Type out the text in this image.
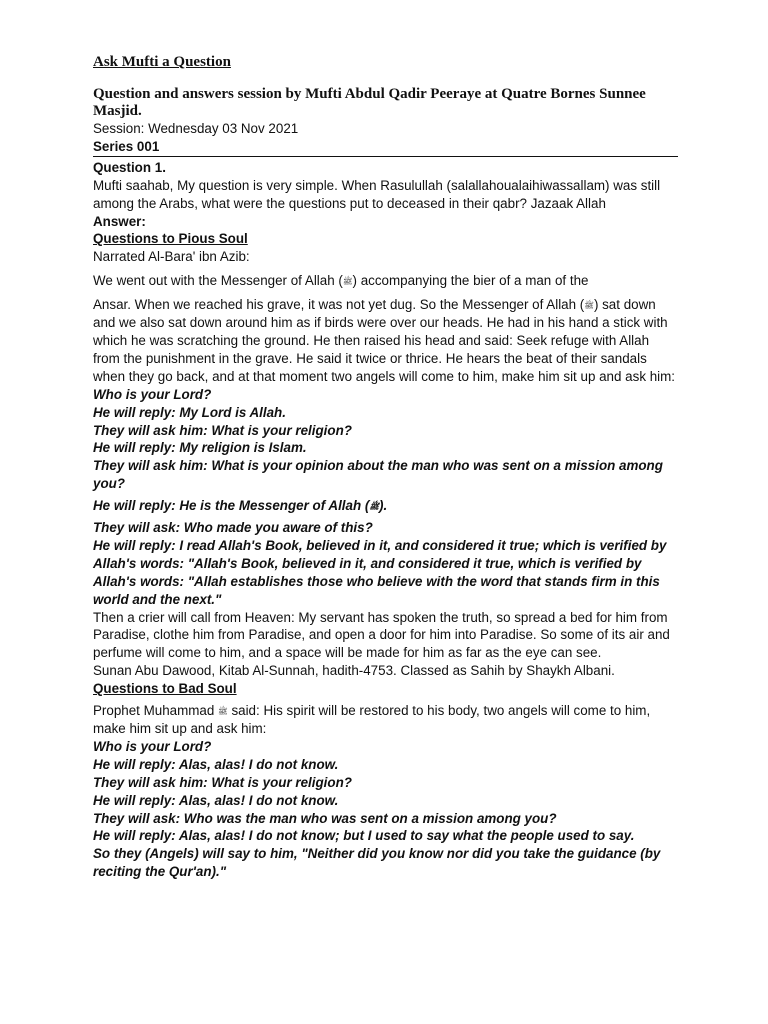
Ask Mufti a Question
Question and answers session by Mufti Abdul Qadir Peeraye at Quatre Bornes Sunnee Masjid.
Session: Wednesday 03 Nov 2021
Series 001
Question 1.
Mufti saahab, My question is very simple. When Rasulullah (salallahoualaihiwassallam) was still among the Arabs, what were the questions put to deceased in their qabr? Jazaak Allah
Answer:
Questions to Pious Soul
Narrated Al-Bara' ibn Azib:
We went out with the Messenger of Allah (ﷺ) accompanying the bier of a man of the
Ansar. When we reached his grave, it was not yet dug. So the Messenger of Allah (ﷺ) sat down and we also sat down around him as if birds were over our heads. He had in his hand a stick with which he was scratching the ground. He then raised his head and said: Seek refuge with Allah from the punishment in the grave. He said it twice or thrice. He hears the beat of their sandals when they go back, and at that moment two angels will come to him, make him sit up and ask him:
Who is your Lord?
He will reply: My Lord is Allah.
They will ask him: What is your religion?
He will reply: My religion is Islam.
They will ask him: What is your opinion about the man who was sent on a mission among you?
He will reply: He is the Messenger of Allah (ﷺ).
They will ask: Who made you aware of this?
He will reply: I read Allah's Book, believed in it, and considered it true; which is verified by Allah's words: "Allah's Book, believed in it, and considered it true, which is verified by Allah's words: "Allah establishes those who believe with the word that stands firm in this world and the next."
Then a crier will call from Heaven: My servant has spoken the truth, so spread a bed for him from Paradise, clothe him from Paradise, and open a door for him into Paradise. So some of its air and perfume will come to him, and a space will be made for him as far as the eye can see.
Sunan Abu Dawood, Kitab Al-Sunnah, hadith-4753. Classed as Sahih by Shaykh Albani.
Questions to Bad Soul
Prophet Muhammad ﷺ said: His spirit will be restored to his body, two angels will come to him, make him sit up and ask him:
Who is your Lord?
He will reply: Alas, alas! I do not know.
They will ask him: What is your religion?
He will reply: Alas, alas! I do not know.
They will ask: Who was the man who was sent on a mission among you?
He will reply: Alas, alas! I do not know; but I used to say what the people used to say.
So they (Angels) will say to him, "Neither did you know nor did you take the guidance (by reciting the Qur'an)."
